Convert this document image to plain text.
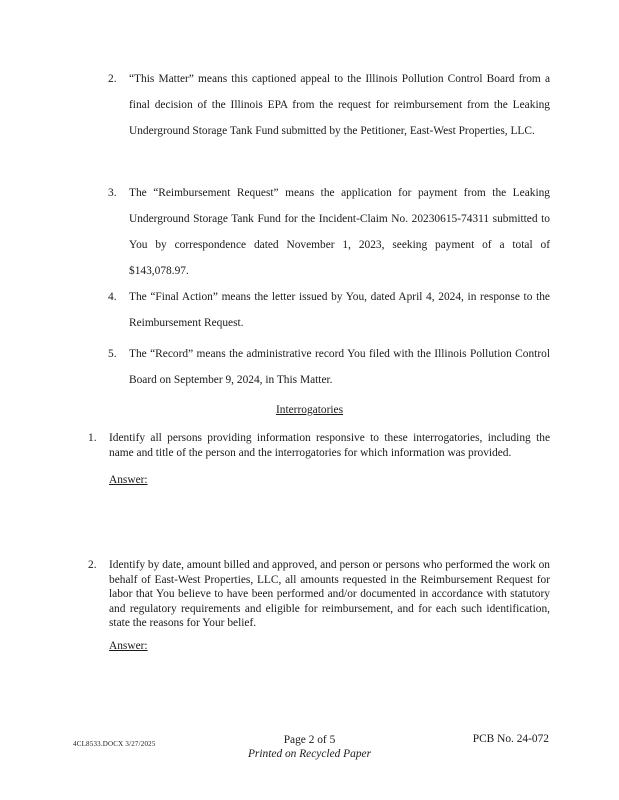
2. “This Matter” means this captioned appeal to the Illinois Pollution Control Board from a final decision of the Illinois EPA from the request for reimbursement from the Leaking Underground Storage Tank Fund submitted by the Petitioner, East-West Properties, LLC.
3. The “Reimbursement Request” means the application for payment from the Leaking Underground Storage Tank Fund for the Incident-Claim No. 20230615-74311 submitted to You by correspondence dated November 1, 2023, seeking payment of a total of $143,078.97.
4. The “Final Action” means the letter issued by You, dated April 4, 2024, in response to the Reimbursement Request.
5. The “Record” means the administrative record You filed with the Illinois Pollution Control Board on September 9, 2024, in This Matter.
Interrogatories
1. Identify all persons providing information responsive to these interrogatories, including the name and title of the person and the interrogatories for which information was provided.
Answer:
2. Identify by date, amount billed and approved, and person or persons who performed the work on behalf of East-West Properties, LLC, all amounts requested in the Reimbursement Request for labor that You believe to have been performed and/or documented in accordance with statutory and regulatory requirements and eligible for reimbursement, and for each such identification, state the reasons for Your belief.
Answer:
4CL8533.DOCX 3/27/2025	Page 2 of 5
Printed on Recycled Paper
PCB No. 24-072
